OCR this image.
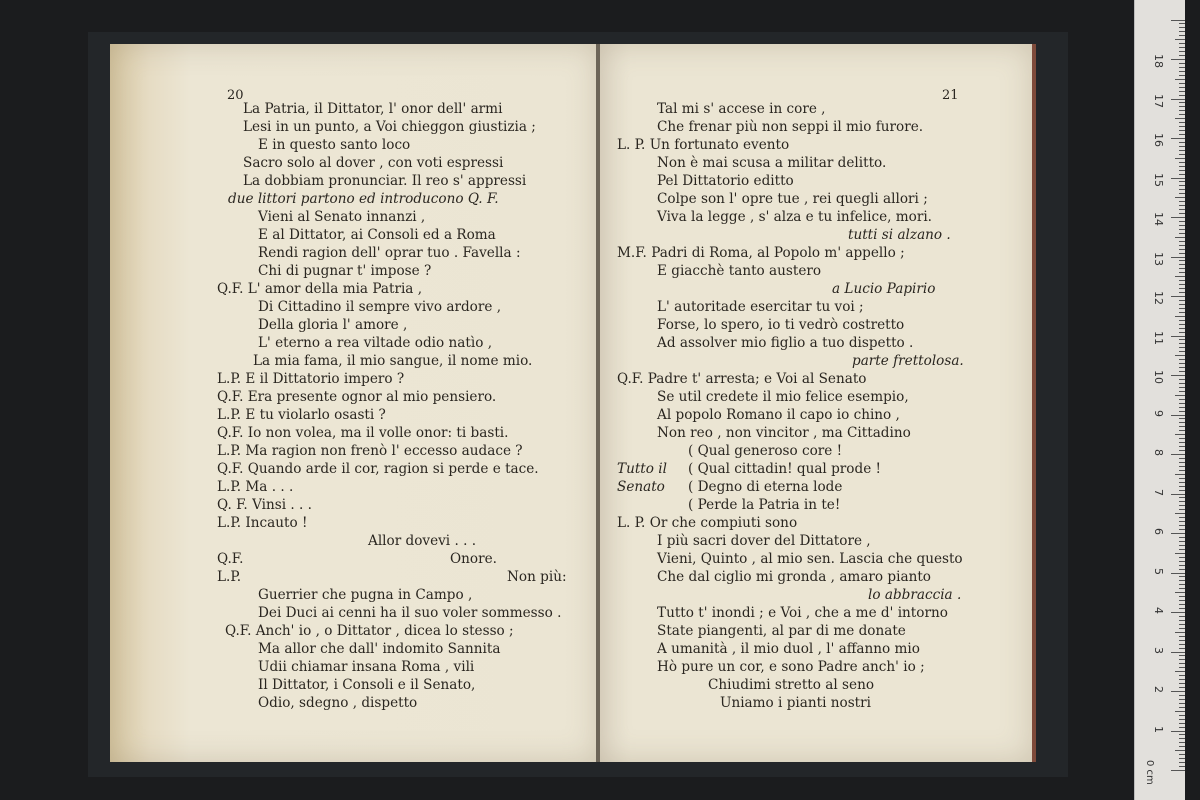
20
La Patria, il Dittator, l' onor dell' armi
Lesi in un punto, a Voi chieggon giustizia ;
E in questo santo loco
Sacro solo al dover , con voti espressi
La dobbiam pronunciar. Il reo s' appressi
due littori partono ed introducono Q. F.
Vieni al Senato innanzi ,
E al Dittator, ai Consoli ed a Roma
Rendi ragion dell' oprar tuo . Favella :
Chi di pugnar t' impose ?
Q.F. L' amor della mia Patria ,
Di Cittadino il sempre vivo ardore ,
Della gloria l' amore ,
L' eterno a rea viltade odio natìo ,
La mia fama, il mio sangue, il nome mio.
L.P. E il Dittatorio impero ?
Q.F. Era presente ognor al mio pensiero.
L.P. E tu violarlo osasti ?
Q.F. Io non volea, ma il volle onor: ti basti.
L.P. Ma ragion non frenò l' eccesso audace ?
Q.F. Quando arde il cor, ragion si perde e tace.
L.P. Ma . . .
Q. F. Vinsi . . .
L.P. Incauto !
Allor dovevi . . .
Q.F.	Onore.
L.P.	Non più:
Guerrier che pugna in Campo ,
Dei Duci ai cenni ha il suo voler sommesso .
Q.F. Anch' io , o Dittator , dicea lo stesso ;
Ma allor che dall' indomito Sannita
Udii chiamar insana Roma , vili
Il Dittator, i Consoli e il Senato,
Odio, sdegno , dispetto
21
Tal mi s' accese in core ,
Che frenar più non seppi il mio furore.
L. P. Un fortunato evento
Non è mai scusa a militar delitto.
Pel Dittatorio editto
Colpe son l' opre tue , rei quegli allori ;
Viva la legge , s' alza e tu infelice, mori.
tutti si alzano .
M.F. Padri di Roma, al Popolo m' appello ;
E giacchè tanto austero
a Lucio Papirio
L' autoritade esercitar tu voi ;
Forse, lo spero, io ti vedrò costretto
Ad assolver mio figlio a tuo dispetto .
parte frettolosa.
Q.F. Padre t' arresta; e Voi al Senato
Se util credete il mio felice esempio,
Al popolo Romano il capo io chino ,
Non reo , non vincitor , ma Cittadino
( Qual generoso core !
Tutto il ( Qual cittadin! qual prode !
Senato ( Degno di eterna lode
( Perde la Patria in te!
L. P. Or che compiuti sono
I più sacri dover del Dittatore ,
Vieni, Quinto , al mio sen. Lascia che questo
Che dal ciglio mi gronda , amaro pianto
lo abbraccia .
Tutto t' inondi ; e Voi , che a me d' intorno
State piangenti, al par di me donate
A umanità , il mio duol , l' affanno mio
Hò pure un cor, e sono Padre anch' io ;
Chiudimi stretto al seno
Uniamo i pianti nostri
0 cm
1
2
3
4
5
6
7
8
9
10
11
12
13
14
15
16
17
18
